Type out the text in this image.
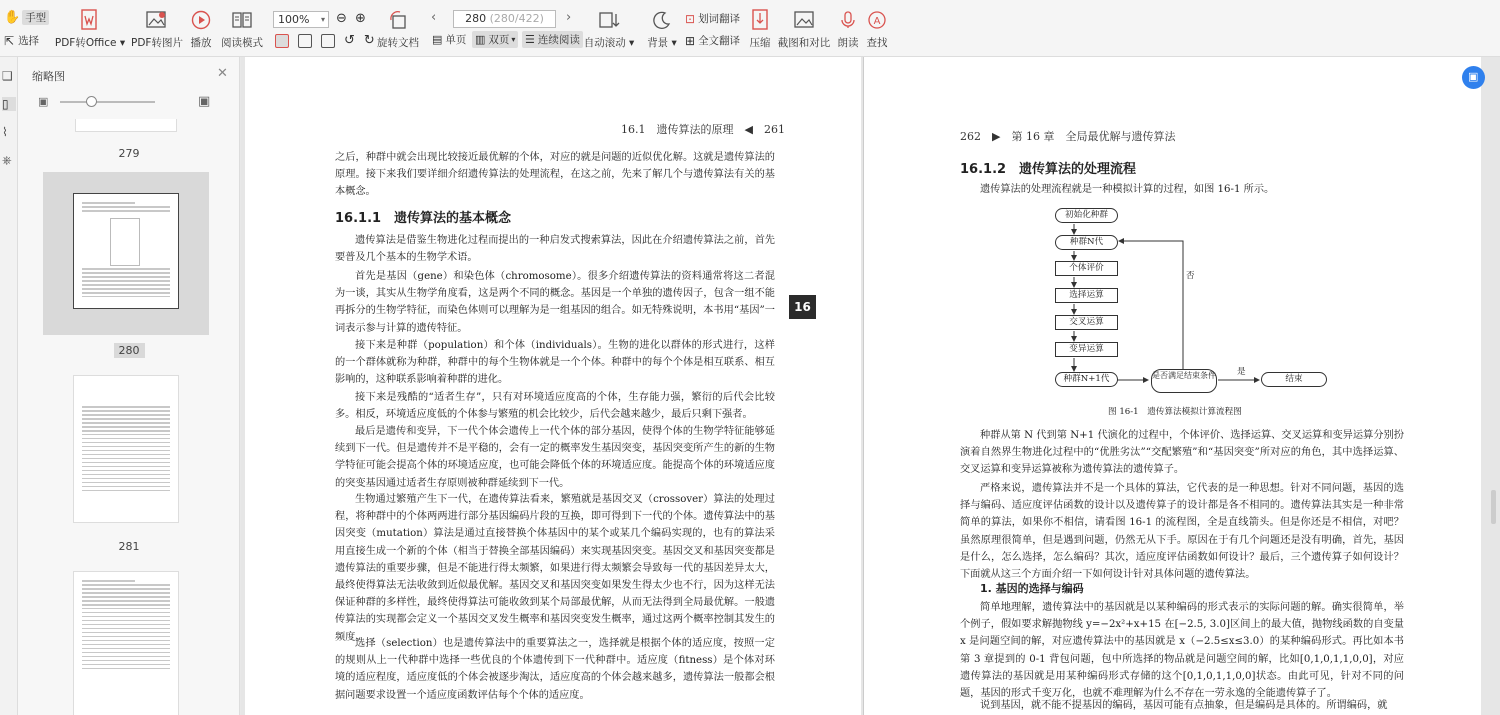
✋ 手型
⇱ 选择 PDF转Office ▾ PDF转图片 播放 阅读模式
100% ▾ ⊖ ⊕
↺ ↻ 旋转文档
‹	280 (280/422)	›
▤ 单页 ▥ 双页 ▾ ☰ 连续阅读 自动滚动 ▾ 背景 ▾
⊡ 划词翻译
⊞ 全文翻译 压缩 截图和对比 朗读
A
查找
❑
▯
⌇
⎈
缩略图	✕
▣	▣
279
280
281
16.1　遗传算法的原理　◀　261
之后，种群中就会出现比较接近最优解的个体，对应的就是问题的近似优化解。这就是遗传算法的原理。接下来我们要详细介绍遗传算法的处理流程，在这之前，先来了解几个与遗传算法有关的基本概念。
16.1.1　遗传算法的基本概念
遗传算法是借鉴生物进化过程而提出的一种启发式搜索算法，因此在介绍遗传算法之前，首先要普及几个基本的生物学术语。
首先是基因（gene）和染色体（chromosome）。很多介绍遗传算法的资料通常将这二者混为一谈，其实从生物学角度看，这是两个不同的概念。基因是一个单独的遗传因子，包含一组不能再拆分的生物学特征，而染色体则可以理解为是一组基因的组合。如无特殊说明，本书用“基因”一词表示参与计算的遗传特征。
接下来是种群（population）和个体（individuals）。生物的进化以群体的形式进行，这样的一个群体就称为种群，种群中的每个生物体就是一个个体。种群中的每个个体是相互联系、相互影响的，这种联系影响着种群的进化。
接下来是残酷的“适者生存”，只有对环境适应度高的个体，生存能力强，繁衍的后代会比较多。相反，环境适应度低的个体参与繁殖的机会比较少，后代会越来越少，最后只剩下强者。
最后是遗传和变异，下一代个体会遗传上一代个体的部分基因，使得个体的生物学特征能够延续到下一代。但是遗传并不是平稳的，会有一定的概率发生基因突变，基因突变所产生的新的生物学特征可能会提高个体的环境适应度，也可能会降低个体的环境适应度。能提高个体的环境适应度的突变基因通过适者生存原则被种群延续到下一代。
生物通过繁殖产生下一代，在遗传算法看来，繁殖就是基因交叉（crossover）算法的处理过程，将种群中的个体两两进行部分基因编码片段的互换，即可得到下一代的个体。遗传算法中的基因突变（mutation）算法是通过直接替换个体基因中的某个或某几个编码实现的，也有的算法采用直接生成一个新的个体（相当于替换全部基因编码）来实现基因突变。基因交叉和基因突变都是遗传算法的重要步骤，但是不能进行得太频繁，如果进行得太频繁会导致每一代的基因差异太大，最终使得算法无法收敛到近似最优解。基因交叉和基因突变如果发生得太少也不行，因为这样无法保证种群的多样性，最终使得算法可能收敛到某个局部最优解，从而无法得到全局最优解。一般遗传算法的实现都会定义一个基因交叉发生概率和基因突变发生概率，通过这两个概率控制其发生的频度。
选择（selection）也是遗传算法中的重要算法之一，选择就是根据个体的适应度，按照一定的规则从上一代种群中选择一些优良的个体遗传到下一代种群中。适应度（fitness）是个体对环境的适应程度，适应度低的个体会被逐步淘汰，适应度高的个体会越来越多，遗传算法一般都会根据问题要求设置一个适应度函数评估每个个体的适应度。
16
262　▶　第 16 章　全局最优解与遗传算法
16.1.2　遗传算法的处理流程
遗传算法的处理流程就是一种模拟计算的过程，如图 16-1 所示。
初始化种群
种群N代
个体评价
选择运算
交叉运算
变异运算
种群N+1代	是否满足结束条件	结束
是
否
图 16-1　遗传算法模拟计算流程图
种群从第 N 代到第 N+1 代演化的过程中，个体评价、选择运算、交叉运算和变异运算分别扮演着自然界生物进化过程中的“优胜劣汰”“交配繁殖”和“基因突变”所对应的角色，其中选择运算、交叉运算和变异运算被称为遗传算法的遗传算子。
严格来说，遗传算法并不是一个具体的算法，它代表的是一种思想。针对不同问题，基因的选择与编码、适应度评估函数的设计以及遗传算子的设计都是各不相同的。遗传算法其实是一种非常简单的算法，如果你不相信，请看图 16-1 的流程图，全是直线箭头。但是你还是不相信，对吧？虽然原理很简单，但是遇到问题，仍然无从下手。原因在于有几个问题还是没有明确，首先，基因是什么，怎么选择，怎么编码？其次，适应度评估函数如何设计？最后，三个遗传算子如何设计？下面就从这三个方面介绍一下如何设计针对具体问题的遗传算法。
1. 基因的选择与编码
简单地理解，遗传算法中的基因就是以某种编码的形式表示的实际问题的解。确实很简单，举个例子，假如要求解抛物线 y=−2x²+x+15 在[−2.5, 3.0]区间上的最大值，抛物线函数的自变量 x 是问题空间的解，对应遗传算法中的基因就是 x（−2.5≤x≤3.0）的某种编码形式。再比如本书第 3 章提到的 0-1 背包问题，包中所选择的物品就是问题空间的解，比如[0,1,0,1,1,0,0]，对应遗传算法的基因就是用某种编码形式存储的这个[0,1,0,1,1,0,0]状态。由此可见，针对不同的问题，基因的形式千变万化，也就不难理解为什么不存在一劳永逸的全能遗传算子了。
说到基因，就不能不提基因的编码，基因可能有点抽象，但是编码是具体的。所谓编码，就
▣
